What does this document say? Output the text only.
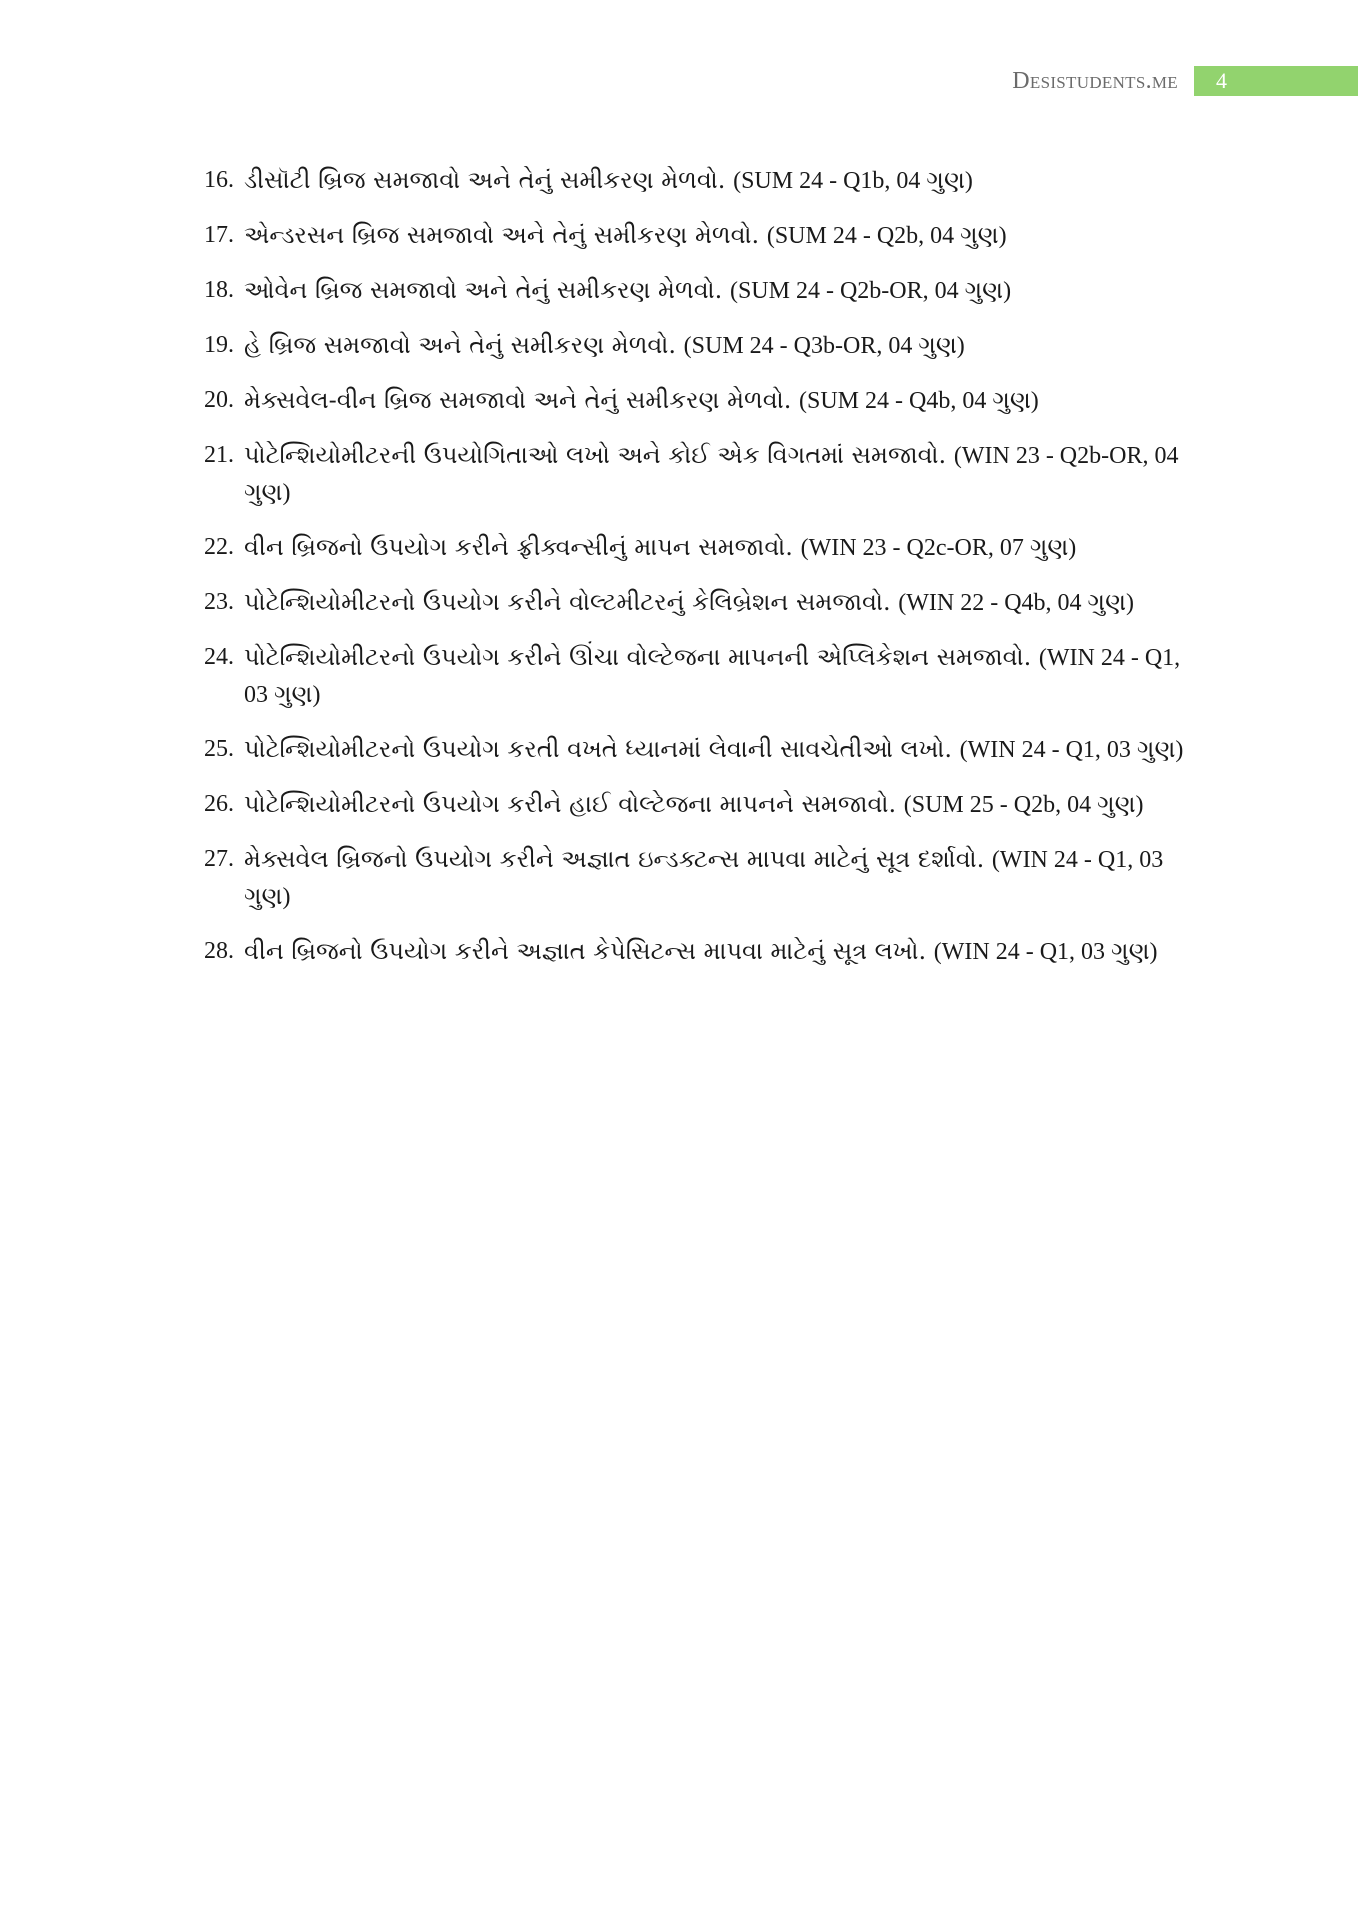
Desistudents.me	4
16. ડીસૉટી બ્રિજ સમજાવો અને તેનું સમીકરણ મેળવો. (SUM 24 - Q1b, 04 ગુણ)
17. એન્ડરસન બ્રિજ સમજાવો અને તેનું સમીકરણ મેળવો. (SUM 24 - Q2b, 04 ગુણ)
18. ઓવેન બ્રિજ સમજાવો અને તેનું સમીકરણ મેળવો. (SUM 24 - Q2b-OR, 04 ગુણ)
19. હે બ્રિજ સમજાવો અને તેનું સમીકરણ મેળવો. (SUM 24 - Q3b-OR, 04 ગુણ)
20. મેક્સવેલ-વીન બ્રિજ સમજાવો અને તેનું સમીકરણ મેળવો. (SUM 24 - Q4b, 04 ગુણ)
21. પોટેન્શિયોમીટરની ઉપયોગિતાઓ લખો અને કોઈ એક વિગતમાં સમજાવો. (WIN 23 - Q2b-OR, 04 ગુણ)
22. વીન બ્રિજનો ઉપયોગ કરીને ફ્રીક્વન્સીનું માપન સમજાવો. (WIN 23 - Q2c-OR, 07 ગુણ)
23. પોટેન્શિયોમીટરનો ઉપયોગ કરીને વોલ્ટમીટરનું કેલિબ્રેશન સમજાવો. (WIN 22 - Q4b, 04 ગુણ)
24. પોટેન્શિયોમીટરનો ઉપયોગ કરીને ઊંચા વોલ્ટેજના માપનની એપ્લિકેશન સમજાવો. (WIN 24 - Q1, 03 ગુણ)
25. પોટેન્શિયોમીટરનો ઉપયોગ કરતી વખતે ધ્યાનમાં લેવાની સાવચેતીઓ લખો. (WIN 24 - Q1, 03 ગુણ)
26. પોટેન્શિયોમીટરનો ઉપયોગ કરીને હાઈ વોલ્ટેજના માપનને સમજાવો. (SUM 25 - Q2b, 04 ગુણ)
27. મેક્સવેલ બ્રિજનો ઉપયોગ કરીને અજ્ઞાત ઇન્ડક્ટન્સ માપવા માટેનું સૂત્ર દર્શાવો. (WIN 24 - Q1, 03 ગુણ)
28. વીન બ્રિજનો ઉપયોગ કરીને અજ્ઞાત કેપેસિટન્સ માપવા માટેનું સૂત્ર લખો. (WIN 24 - Q1, 03 ગુણ)
